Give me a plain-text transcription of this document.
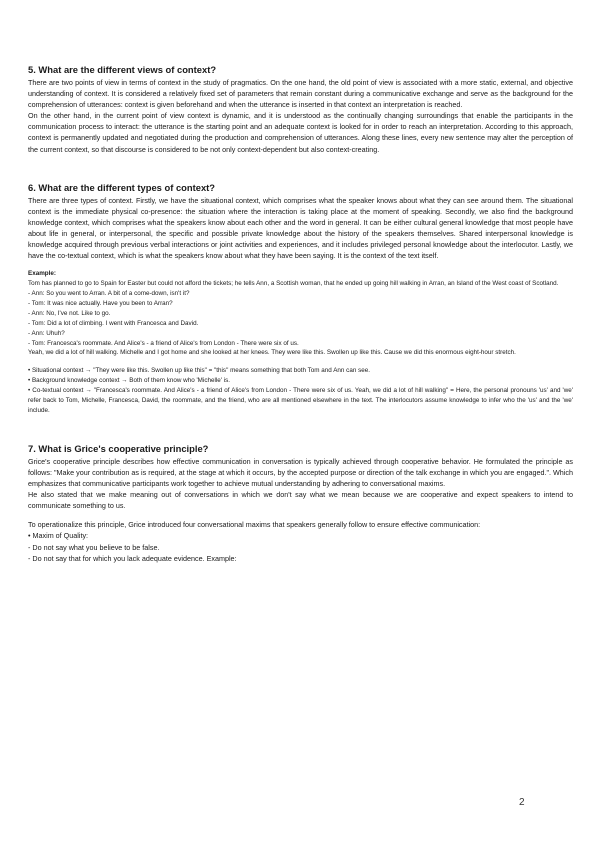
5. What are the different views of context?

There are two points of view in terms of context in the study of pragmatics. On the one hand, the old point of view is associated with a more static, external, and objective understanding of context. It is considered a relatively fixed set of parameters that remain constant during a communicative exchange and serve as the background for the comprehension of utterances: context is given beforehand and when the utterance is inserted in that context an interpretation is reached.

On the other hand, in the current point of view context is dynamic, and it is understood as the continually changing surroundings that enable the participants in the communication process to interact: the utterance is the starting point and an adequate context is looked for in order to reach an interpretation. According to this approach, context is permanently updated and negotiated during the production and comprehension of utterances. Along these lines, every new sentence may alter the perception of the current context, so that discourse is considered to be not only context-dependent but also context-creating.

6. What are the different types of context?

There are three types of context. Firstly, we have the situational context, which comprises what the speaker knows about what they can see around them. The situational context is the immediate physical co-presence: the situation where the interaction is taking place at the moment of speaking. Secondly, we also find the background knowledge context, which comprises what the speakers know about each other and the word in general. It can be either cultural general knowledge that most people have about life in general, or interpersonal, the specific and possible private knowledge about the history of the speakers themselves. Shared interpersonal knowledge is knowledge acquired through previous verbal interactions or joint activities and experiences, and it includes privileged personal knowledge about the interlocutor. Lastly, we have the co-textual context, which is what the speakers know about what they have been saying. It is the context of the text itself.

Example:

Tom has planned to go to Spain for Easter but could not afford the tickets; he tells Ann, a Scottish woman, that he ended up going hill walking in Arran, an Island of the West coast of Scotland.

- Ann: So you went to Arran. A bit of a come-down, isn't it?

- Tom: It was nice actually. Have you been to Arran?

- Ann: No, I've not. Like to go.

- Tom: Did a lot of climbing. I went with Francesca and David.

- Ann: Uhuh?

- Tom: Francesca's roommate. And Alice's - a friend of Alice's from London - There were six of us.

Yeah, we did a lot of hill walking. Michelle and I got home and she looked at her knees. They were like this. Swollen up like this. Cause we did this enormous eight-hour stretch.

• Situational context → "They were like this. Swollen up like this" = "this" means something that both Tom and Ann can see.

• Background knowledge context → Both of them know who 'Michelle' is.

• Co-textual context → "Francesca's roommate. And Alice's - a friend of Alice's from London - There were six of us. Yeah, we did a lot of hill walking" = Here, the personal pronouns 'us' and 'we' refer back to Tom, Michelle, Francesca, David, the roommate, and the friend, who are all mentioned elsewhere in the text. The interlocutors assume knowledge to infer who the 'us' and the 'we' include.

7. What is Grice's cooperative principle?

Grice's cooperative principle describes how effective communication in conversation is typically achieved through cooperative behavior. He formulated the principle as follows: "Make your contribution as is required, at the stage at which it occurs, by the accepted purpose or direction of the talk exchange in which you are engaged.". Which emphasizes that communicative participants work together to achieve mutual understanding by adhering to conversational maxims.

He also stated that we make meaning out of conversations in which we don't say what we mean because we are cooperative and expect speakers to intend to communicate something to us.

To operationalize this principle, Grice introduced four conversational maxims that speakers generally follow to ensure effective communication:

• Maxim of Quality:

- Do not say what you believe to be false.

- Do not say that for which you lack adequate evidence. Example:

2
